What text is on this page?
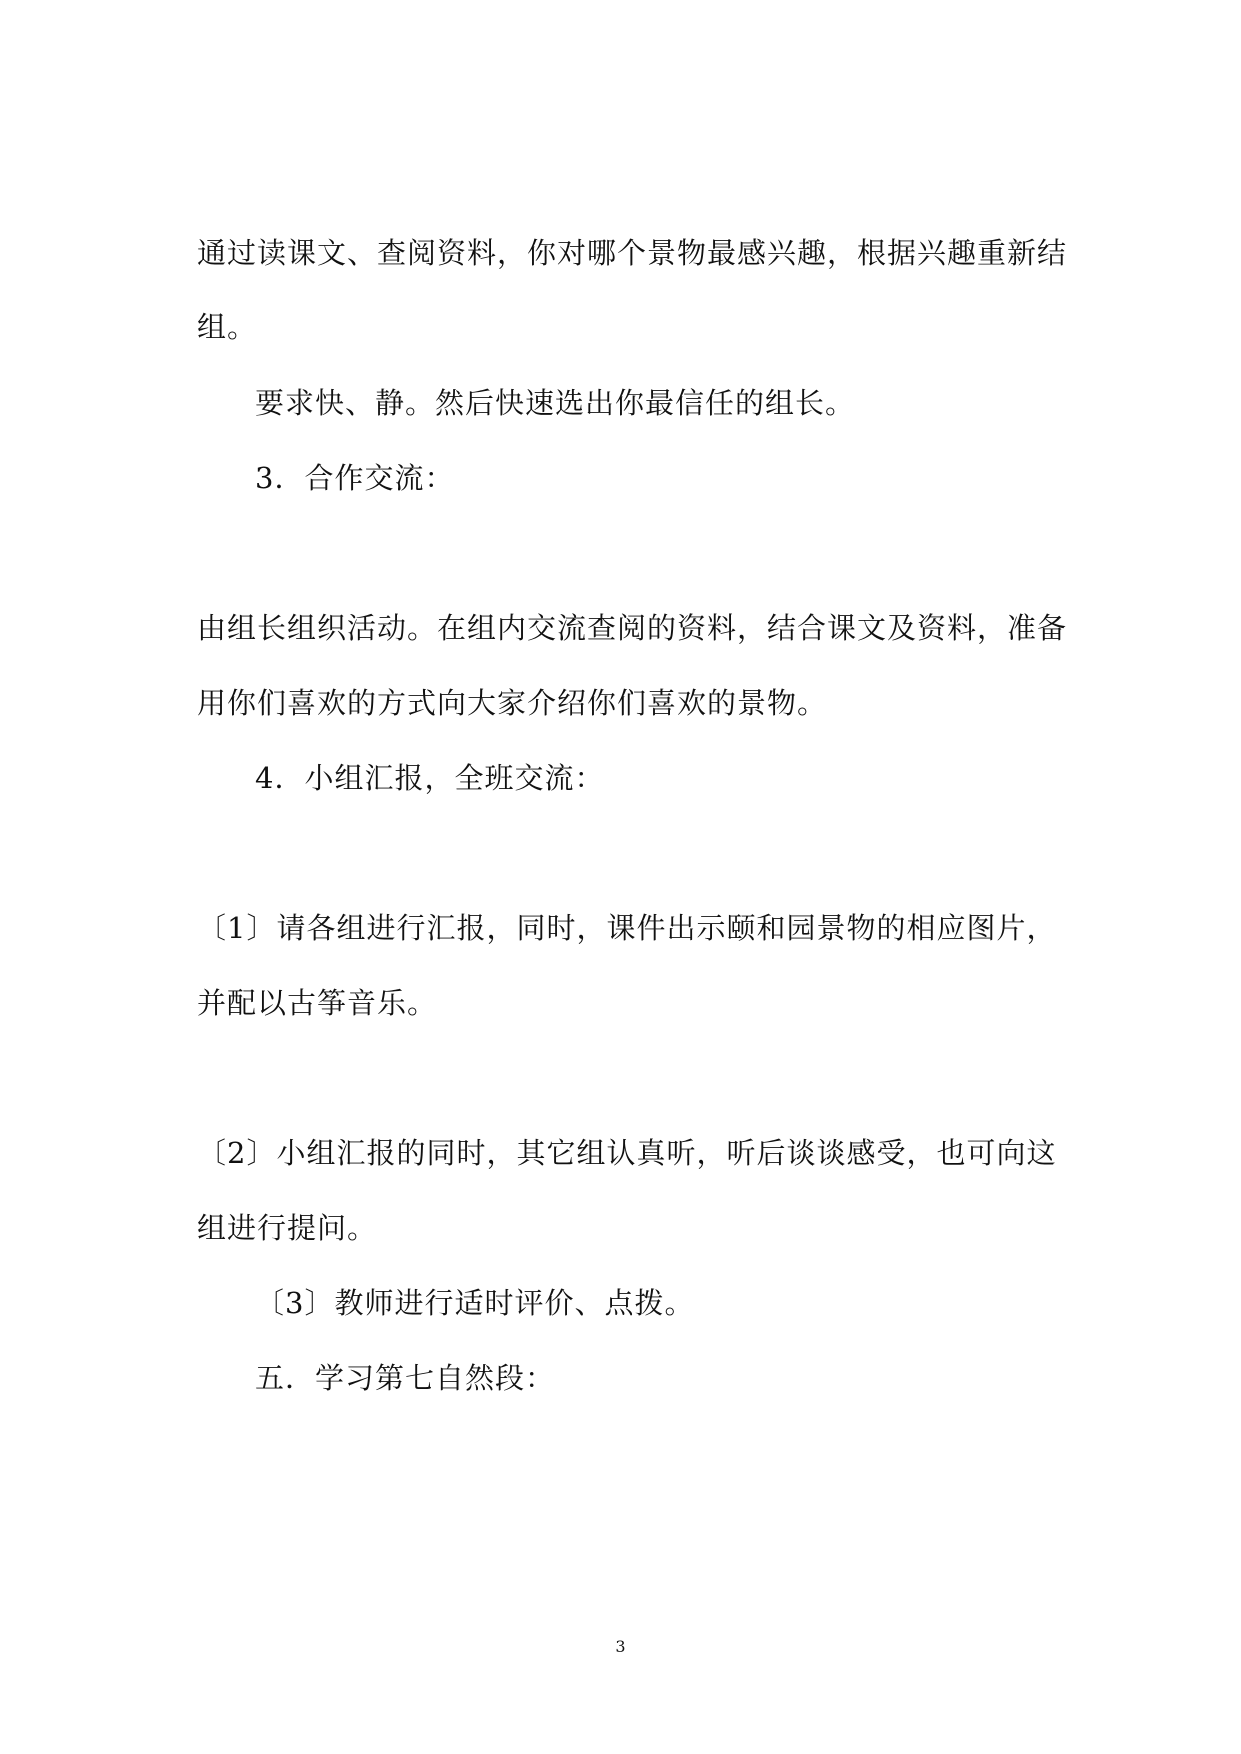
通过读课文、查阅资料，你对哪个景物最感兴趣，根据兴趣重新结
组。
要求快、静。然后快速选出你最信任的组长。
3．合作交流：
由组长组织活动。在组内交流查阅的资料，结合课文及资料，准备
用你们喜欢的方式向大家介绍你们喜欢的景物。
4．小组汇报，全班交流：
〔1〕请各组进行汇报，同时，课件出示颐和园景物的相应图片，
并配以古筝音乐。
〔2〕小组汇报的同时，其它组认真听，听后谈谈感受，也可向这
组进行提问。
〔3〕教师进行适时评价、点拨。
五．学习第七自然段：
3
